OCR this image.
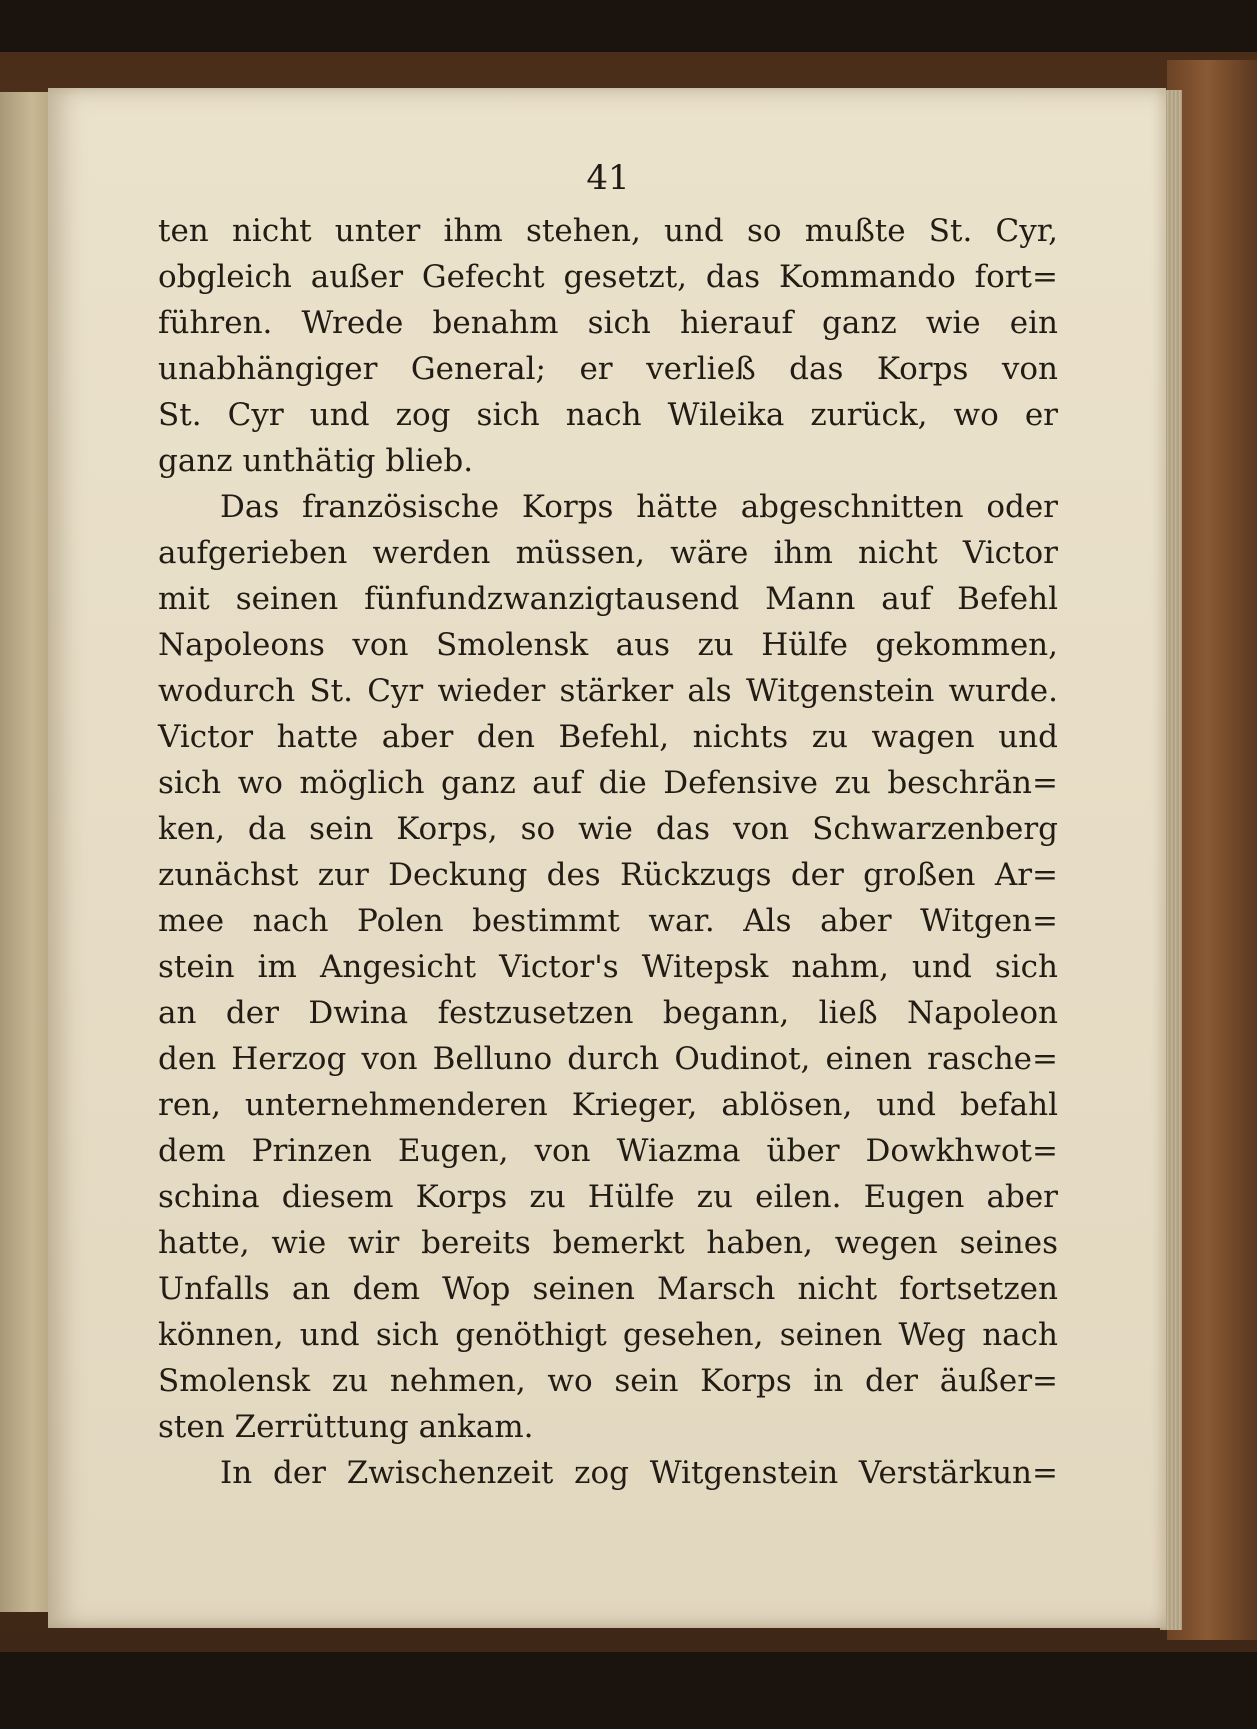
41
ten nicht unter ihm stehen, und so mußte St. Cyr,
obgleich außer Gefecht gesetzt, das Kommando fort=
führen. Wrede benahm sich hierauf ganz wie ein
unabhängiger General; er verließ das Korps von
St. Cyr und zog sich nach Wileika zurück, wo er
ganz unthätig blieb.
Das französische Korps hätte abgeschnitten oder
aufgerieben werden müssen, wäre ihm nicht Victor
mit seinen fünfundzwanzigtausend Mann auf Befehl
Napoleons von Smolensk aus zu Hülfe gekommen,
wodurch St. Cyr wieder stärker als Witgenstein wurde.
Victor hatte aber den Befehl, nichts zu wagen und
sich wo möglich ganz auf die Defensive zu beschrän=
ken, da sein Korps, so wie das von Schwarzenberg
zunächst zur Deckung des Rückzugs der großen Ar=
mee nach Polen bestimmt war. Als aber Witgen=
stein im Angesicht Victor's Witepsk nahm, und sich
an der Dwina festzusetzen begann, ließ Napoleon
den Herzog von Belluno durch Oudinot, einen rasche=
ren, unternehmenderen Krieger, ablösen, und befahl
dem Prinzen Eugen, von Wiazma über Dowkhwot=
schina diesem Korps zu Hülfe zu eilen. Eugen aber
hatte, wie wir bereits bemerkt haben, wegen seines
Unfalls an dem Wop seinen Marsch nicht fortsetzen
können, und sich genöthigt gesehen, seinen Weg nach
Smolensk zu nehmen, wo sein Korps in der äußer=
sten Zerrüttung ankam.
In der Zwischenzeit zog Witgenstein Verstärkun=
